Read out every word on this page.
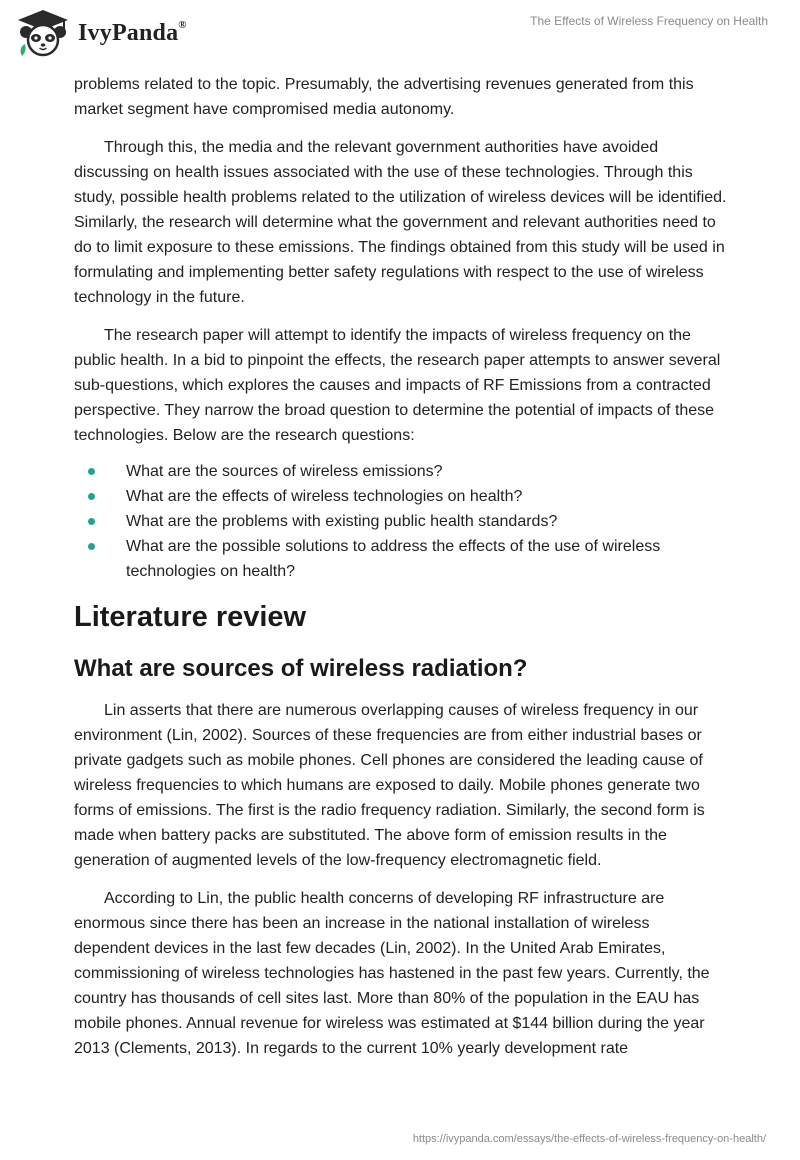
IvyPanda®	The Effects of Wireless Frequency on Health

problems related to the topic. Presumably, the advertising revenues generated from this market segment have compromised media autonomy.

Through this, the media and the relevant government authorities have avoided discussing on health issues associated with the use of these technologies. Through this study, possible health problems related to the utilization of wireless devices will be identified. Similarly, the research will determine what the government and relevant authorities need to do to limit exposure to these emissions. The findings obtained from this study will be used in formulating and implementing better safety regulations with respect to the use of wireless technology in the future.

The research paper will attempt to identify the impacts of wireless frequency on the public health. In a bid to pinpoint the effects, the research paper attempts to answer several sub-questions, which explores the causes and impacts of RF Emissions from a contracted perspective. They narrow the broad question to determine the potential of impacts of these technologies. Below are the research questions:

What are the sources of wireless emissions?
What are the effects of wireless technologies on health?
What are the problems with existing public health standards?
What are the possible solutions to address the effects of the use of wireless technologies on health?
Literature review
What are sources of wireless radiation?

Lin asserts that there are numerous overlapping causes of wireless frequency in our environment (Lin, 2002). Sources of these frequencies are from either industrial bases or private gadgets such as mobile phones. Cell phones are considered the leading cause of wireless frequencies to which humans are exposed to daily. Mobile phones generate two forms of emissions. The first is the radio frequency radiation. Similarly, the second form is made when battery packs are substituted. The above form of emission results in the generation of augmented levels of the low-frequency electromagnetic field.

According to Lin, the public health concerns of developing RF infrastructure are enormous since there has been an increase in the national installation of wireless dependent devices in the last few decades (Lin, 2002). In the United Arab Emirates, commissioning of wireless technologies has hastened in the past few years. Currently, the country has thousands of cell sites last. More than 80% of the population in the EAU has mobile phones. Annual revenue for wireless was estimated at $144 billion during the year 2013 (Clements, 2013). In regards to the current 10% yearly development rate

https://ivypanda.com/essays/the-effects-of-wireless-frequency-on-health/
